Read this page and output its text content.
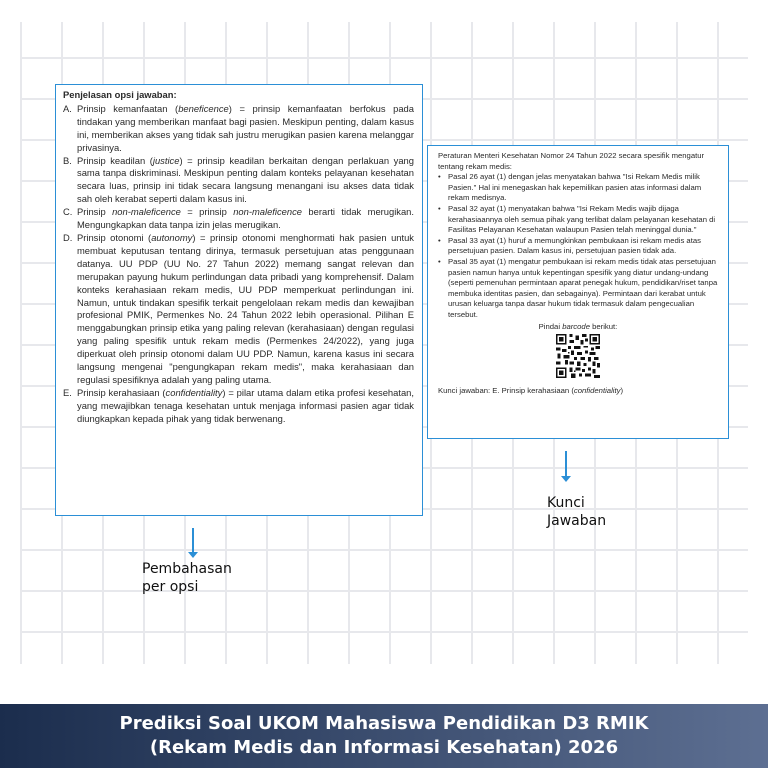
Penjelasan opsi jawaban:
A. Prinsip kemanfaatan (beneficence) = prinsip kemanfaatan berfokus pada tindakan yang memberikan manfaat bagi pasien. Meskipun penting, dalam kasus ini, memberikan akses yang tidak sah justru merugikan pasien karena melanggar privasinya.
B. Prinsip keadilan (justice) = prinsip keadilan berkaitan dengan perlakuan yang sama tanpa diskriminasi. Meskipun penting dalam konteks pelayanan kesehatan secara luas, prinsip ini tidak secara langsung menangani isu akses data tidak sah oleh kerabat seperti dalam kasus ini.
C. Prinsip non-maleficence = prinsip non-maleficence berarti tidak merugikan. Mengungkapkan data tanpa izin jelas merugikan.
D. Prinsip otonomi (autonomy) = prinsip otonomi menghormati hak pasien untuk membuat keputusan tentang dirinya, termasuk persetujuan atas penggunaan datanya. UU PDP (UU No. 27 Tahun 2022) memang sangat relevan dan merupakan payung hukum perlindungan data pribadi yang komprehensif. Dalam konteks kerahasiaan rekam medis, UU PDP memperkuat perlindungan ini. Namun, untuk tindakan spesifik terkait pengelolaan rekam medis dan kewajiban profesional PMIK, Permenkes No. 24 Tahun 2022 lebih operasional. Pilihan E menggabungkan prinsip etika yang paling relevan (kerahasiaan) dengan regulasi yang paling spesifik untuk rekam medis (Permenkes 24/2022), yang juga diperkuat oleh prinsip otonomi dalam UU PDP. Namun, karena kasus ini secara langsung mengenai "pengungkapan rekam medis", maka kerahasiaan dan regulasi spesifiknya adalah yang paling utama.
E. Prinsip kerahasiaan (confidentiality) = pilar utama dalam etika profesi kesehatan, yang mewajibkan tenaga kesehatan untuk menjaga informasi pasien agar tidak diungkapkan kepada pihak yang tidak berwenang.
Peraturan Menteri Kesehatan Nomor 24 Tahun 2022 secara spesifik mengatur tentang rekam medis:
• Pasal 26 ayat (1) dengan jelas menyatakan bahwa "Isi Rekam Medis milik Pasien." Hal ini menegaskan hak kepemilikan pasien atas informasi dalam rekam medisnya.
• Pasal 32 ayat (1) menyatakan bahwa "Isi Rekam Medis wajib dijaga kerahasiaannya oleh semua pihak yang terlibat dalam pelayanan kesehatan di Fasilitas Pelayanan Kesehatan walaupun Pasien telah meninggal dunia."
• Pasal 33 ayat (1) huruf a memungkinkan pembukaan isi rekam medis atas persetujuan pasien. Dalam kasus ini, persetujuan pasien tidak ada.
• Pasal 35 ayat (1) mengatur pembukaan isi rekam medis tidak atas persetujuan pasien namun hanya untuk kepentingan spesifik yang diatur undang-undang (seperti pemenuhan permintaan aparat penegak hukum, pendidikan/riset tanpa membuka identitas pasien, dan sebagainya). Permintaan dari kerabat untuk urusan keluarga tanpa dasar hukum tidak termasuk dalam pengecualian tersebut.
Pindai barcode berikut:
Kunci jawaban: E. Prinsip kerahasiaan (confidentiality)
Pembahasan
per opsi
Kunci
Jawaban
Prediksi Soal UKOM Mahasiswa Pendidikan D3 RMIK
(Rekam Medis dan Informasi Kesehatan) 2026
